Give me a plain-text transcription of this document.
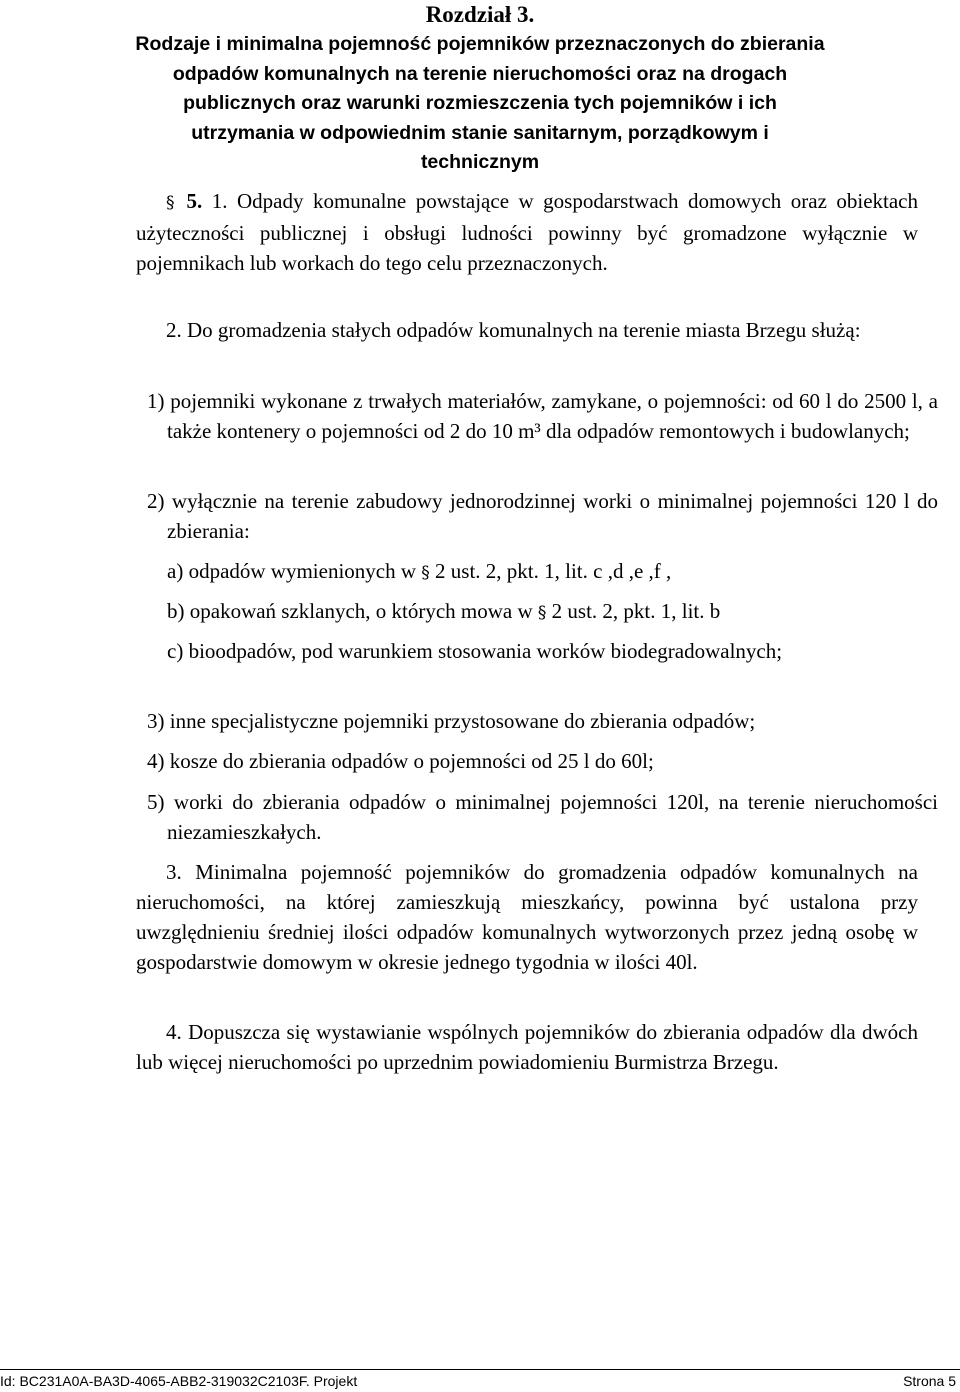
Rozdział 3.
Rodzaje i minimalna pojemność pojemników przeznaczonych do zbierania odpadów komunalnych na terenie nieruchomości oraz na drogach publicznych oraz warunki rozmieszczenia tych pojemników i ich utrzymania w odpowiednim stanie sanitarnym, porządkowym i technicznym
§ 5. 1. Odpady komunalne powstające w gospodarstwach domowych oraz obiektach użyteczności publicznej i obsługi ludności powinny być gromadzone wyłącznie w pojemnikach lub workach do tego celu przeznaczonych.
2. Do gromadzenia stałych odpadów komunalnych na terenie miasta Brzegu służą:
1) pojemniki wykonane z trwałych materiałów, zamykane, o pojemności: od 60 l do 2500 l, a także kontenery o pojemności od 2 do 10 m³ dla odpadów remontowych i budowlanych;
2) wyłącznie na terenie zabudowy jednorodzinnej worki o minimalnej pojemności 120 l do zbierania:
a) odpadów wymienionych w § 2 ust. 2, pkt. 1, lit. c ,d ,e ,f ,
b) opakowań szklanych, o których mowa w § 2 ust. 2, pkt. 1, lit. b
c) bioodpadów, pod warunkiem stosowania worków biodegradowalnych;
3) inne specjalistyczne pojemniki przystosowane do zbierania odpadów;
4) kosze do zbierania odpadów o pojemności od 25 l do 60l;
5) worki do zbierania odpadów o minimalnej pojemności 120l, na terenie nieruchomości niezamieszkałych.
3. Minimalna pojemność pojemników do gromadzenia odpadów komunalnych na nieruchomości, na której zamieszkują mieszkańcy, powinna być ustalona przy uwzględnieniu średniej ilości odpadów komunalnych wytworzonych przez jedną osobę w gospodarstwie domowym w okresie jednego tygodnia w ilości 40l.
4. Dopuszcza się wystawianie wspólnych pojemników do zbierania odpadów dla dwóch lub więcej nieruchomości po uprzednim powiadomieniu Burmistrza Brzegu.
Id: BC231A0A-BA3D-4065-ABB2-319032C2103F. Projekt	Strona 5
